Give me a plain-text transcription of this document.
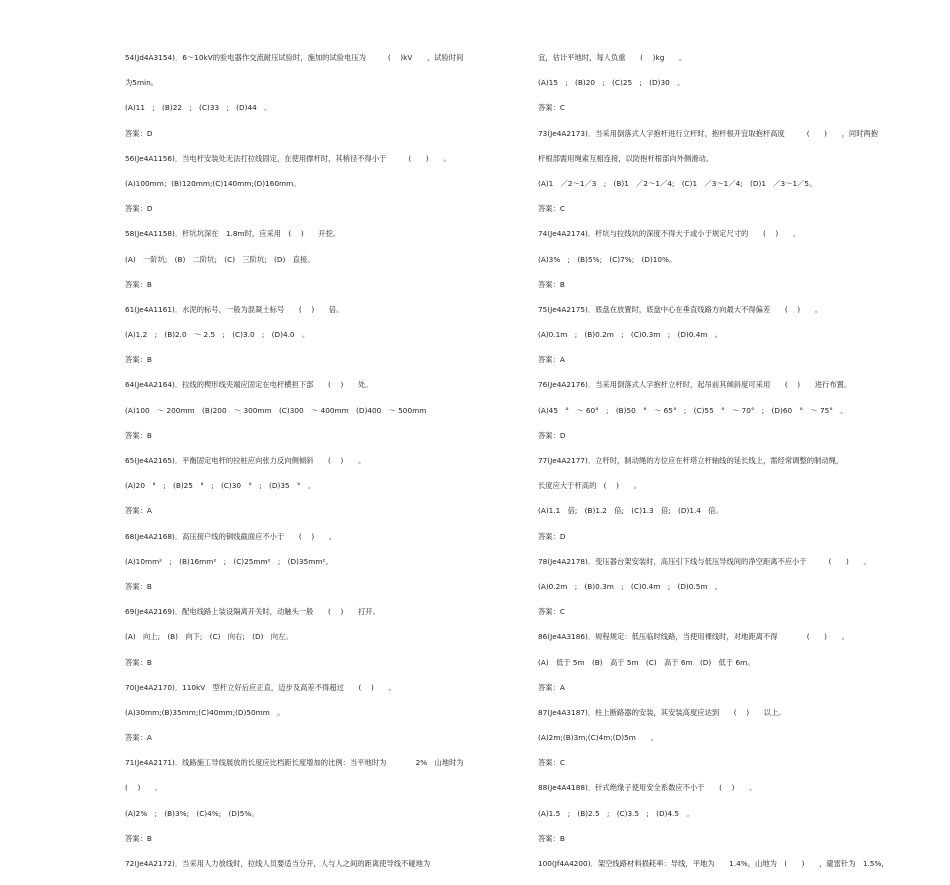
54(Jd4A3154)．6～10kV的验电器作交流耐压试验时，施加的试验电压为　　　(　 )kV　　，试验时间
为5min。
(A)11　;　(B)22　;　(C)33　;　(D)44　。
答案：D
56(Je4A1156)．当电杆安装处无法打拉线固定，在使用撑杆时，其梢径不得小于　　　(　　)　　。
(A)100mm；(B)120mm;(C)140mm;(D)160mm。
答案：D
58(Je4A1158)．杆坑坑深在　1.8m时，应采用　(　 )　　开挖。
(A)　一阶坑;　(B)　二阶坑;　(C)　三阶坑;　(D)　直接。
答案：B
61(Je4A1161)．水泥的标号，一般为混凝土标号　　(　 )　　倍。
(A)1.2　;　(B)2.0　～ 2.5　;　(C)3.0　;　(D)4.0　。
答案：B
64(Je4A2164)．拉线的楔形线夹端应固定在电杆横担下部　　(　 )　　处。
(A)100　～ 200mm　(B)200　～ 300mm　(C)300　～ 400mm　(D)400　～ 500mm
答案：B
65(Je4A2165)．平衡固定电杆的拉桩应向张力反向侧倾斜　　(　 )　　。
(A)20　°　;　(B)25　°　;　(C)30　°　;　(D)35　°　。
答案：A
68(Je4A2168)．高压接户线的铜线截面应不小于　　(　 )　　。
(A)10mm²　;　(B)16mm²　;　(C)25mm²　;　(D)35mm²。
答案：B
69(Je4A2169)．配电线路上装设隔离开关时，动触头一般　　(　 )　　打开。
(A)　向上;　(B)　向下;　(C)　向右;　(D)　向左。
答案：B
70(Je4A2170)．110kV　型杆立好后应正直，迈步及高差不得超过　　(　 )　　。
(A)30mm;(B)35mm;(C)40mm;(D)50mm　。
答案：A
71(Je4A2171)．线路施工导线展放的长度应比档距长度增加的比例：当平地时为　　　　2%　山地时为
(　 )　　。
(A)2%　;　(B)3%;　(C)4%;　(D)5%。
答案：B
72(Je4A2172)．当采用人力放线时，拉线人员要适当分开，人与人之间的距离使导线不碰地为
宜，估计平地时，每人负重　　(　 )kg　　。
(A)15　;　(B)20　;　(C)25　;　(D)30　。
答案：C
73(Je4A2173)．当采用倒落式人字抱杆进行立杆时，抱杆根开宜取抱杆高度　　　(　　)　　，同时两抱
杆根部需用绳索互相连接，以防抱杆根部向外侧滑动。
(A)1　／2～1／3　;　(B)1　／2～1／4;　(C)1　／3～1／4;　(D)1　／3～1／5。
答案：C
74(Je4A2174)．杆坑与拉线坑的深度不得大于或小于规定尺寸的　　(　 )　　。
(A)3%　;　(B)5%;　(C)7%;　(D)10%。
答案：B
75(Je4A2175)．底盘在放置时，底盘中心在垂直线路方向最大不得偏差　　(　 )　　。
(A)0.1m　;　(B)0.2m　;　(C)0.3m　;　(D)0.4m　。
答案：A
76(Je4A2176)．当采用倒落式人字抱杆立杆时，起吊前其倾斜度可采用　　(　 )　　进行布置。
(A)45　°　～ 60°　;　(B)50　°　～ 65°　;　(C)55　°　～ 70°　;　(D)60　°　～ 75°　。
答案：D
77(Je4A2177)．立杆时，制动绳的方位应在杆塔立杆轴线的延长线上，需经常调整的制动绳，
长度应大于杆高的　(　 )　　。
(A)1.1　倍;　(B)1.2　倍;　(C)1.3　倍;　(D)1.4　倍。
答案：D
78(Je4A2178)．变压器台架安装时，高压引下线与低压导线间的净空距离不应小于　　　(　　)　　。
(A)0.2m　;　(B)0.3m　;　(C)0.4m　;　(D)0.5m　。
答案：C
86(Je4A3186)．规程规定：低压临时线路，当使用裸线时，对地距离不得　　　　(　　)　　。
(A)　低于 5m　(B)　高于 5m　(C)　高于 6m　(D)　低于 6m。
答案：A
87(Je4A3187)．柱上断路器的安装，其安装高度应达到　　(　 )　　以上。
(A)2m;(B)3m;(C)4m;(D)5m　　。
答案：C
88(Je4A4188)．针式绝缘子使用安全系数应不小于　　(　 )　　。
(A)1.5　;　(B)2.5　;　(C)3.5　;　(D)4.5　。
答案：B
100(Jf4A4200)．架空线路材料损耗率：导线，平地为　　1.4%，山地为　(　　)　　，避雷针为　1.5%，
